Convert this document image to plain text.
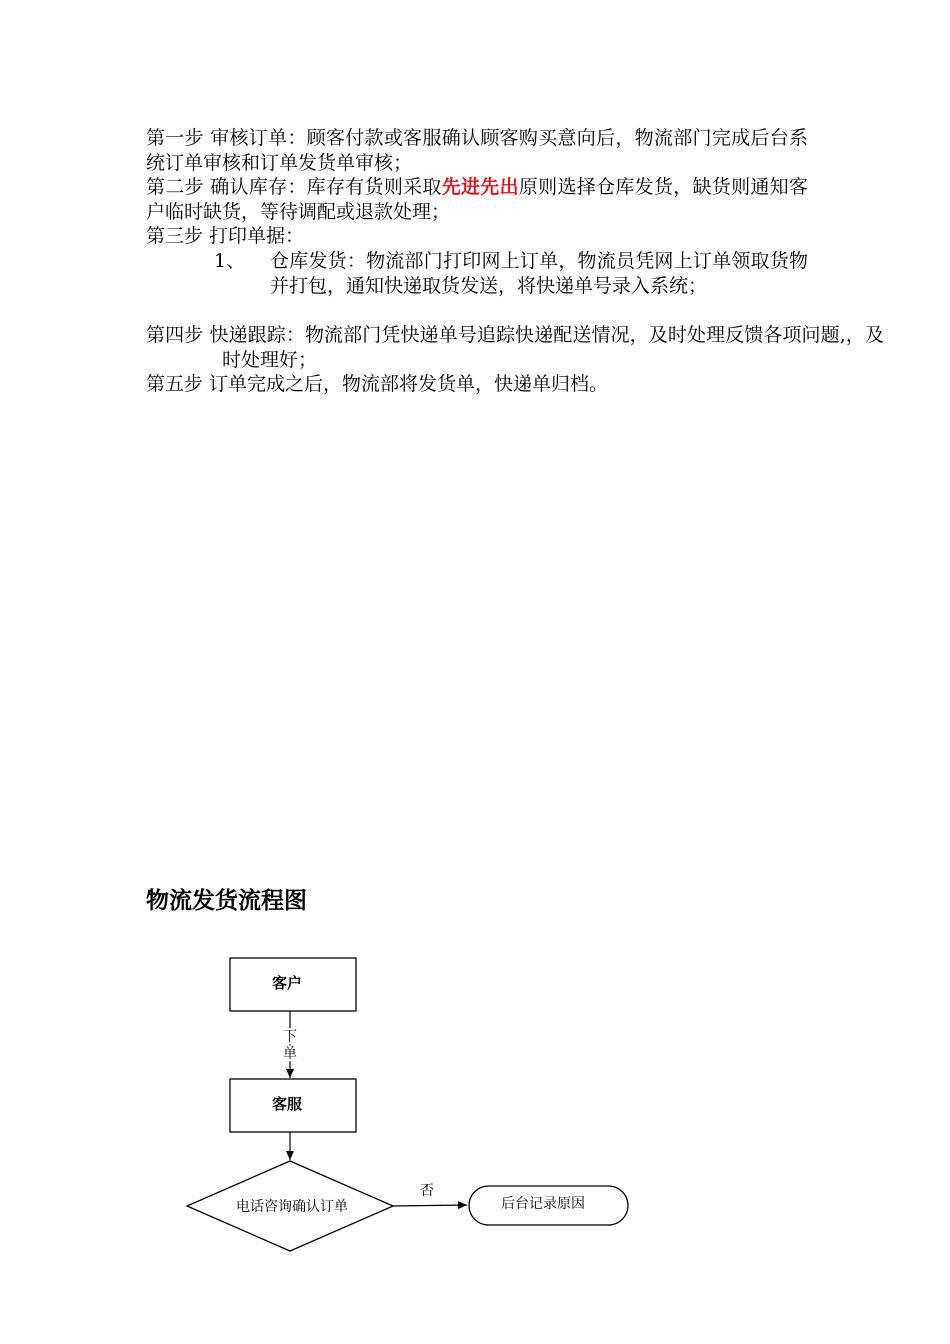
第一步 审核订单：顾客付款或客服确认顾客购买意向后，物流部门完成后台系统订单审核和订单发货单审核；
第二步 确认库存：库存有货则采取先进先出原则选择仓库发货，缺货则通知客户临时缺货，等待调配或退款处理；
第三步 打印单据：
1、 仓库发货：物流部门打印网上订单，物流员凭网上订单领取货物并打包，通知快递取货发送，将快递单号录入系统；
第四步 快递跟踪：物流部门凭快递单号追踪快递配送情况，及时处理反馈各项问题,，及时处理好；
第五步 订单完成之后，物流部将发货单，快递单归档。
物流发货流程图
客户
下
单
客服
电话咨询确认订单
否
后台记录原因
